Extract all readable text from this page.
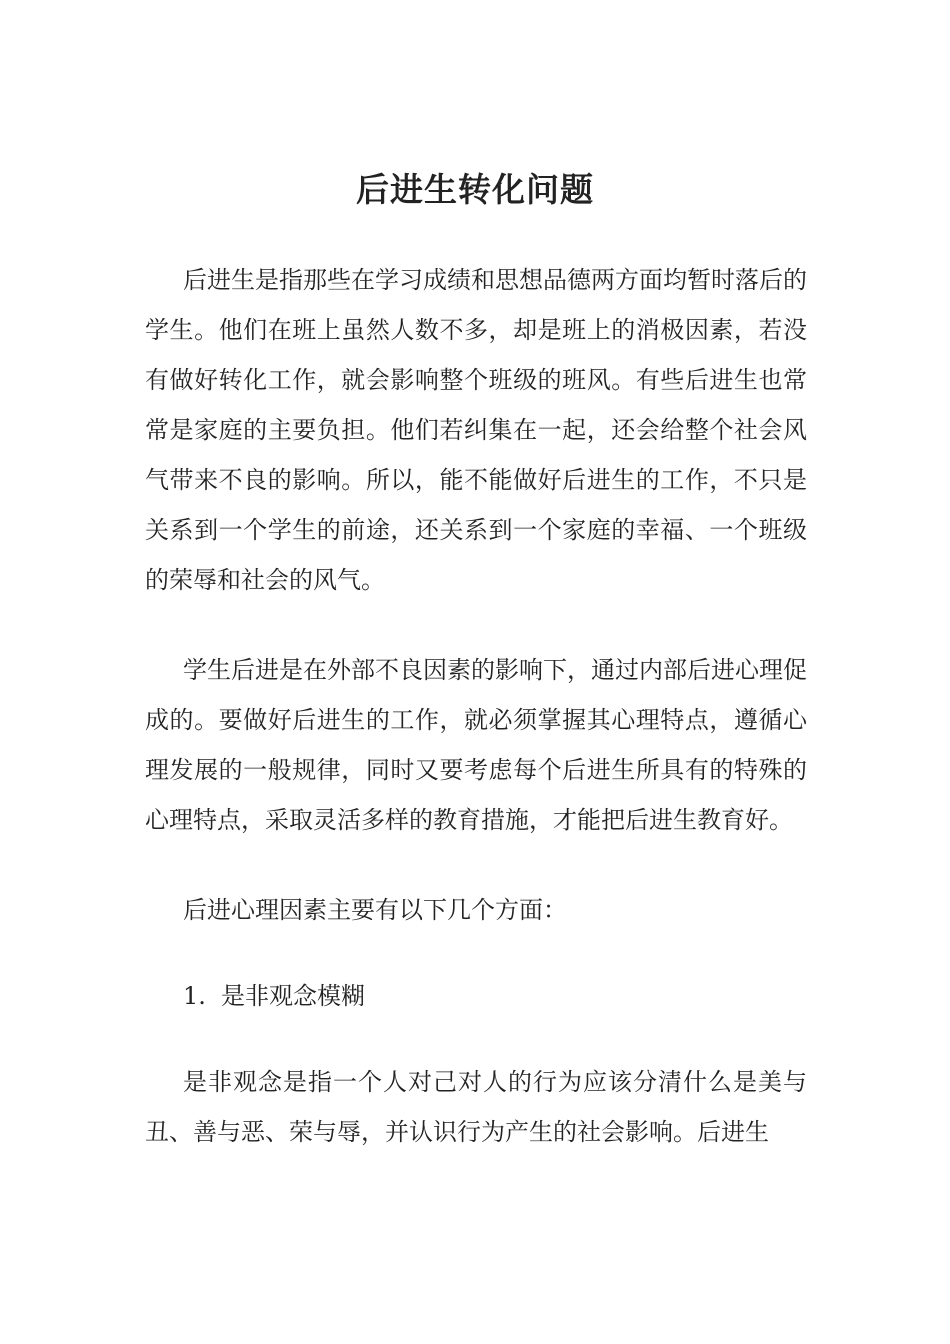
后进生转化问题

后进生是指那些在学习成绩和思想品德两方面均暂时落后的学生。他们在班上虽然人数不多，却是班上的消极因素，若没有做好转化工作，就会影响整个班级的班风。有些后进生也常常是家庭的主要负担。他们若纠集在一起，还会给整个社会风气带来不良的影响。所以，能不能做好后进生的工作，不只是关系到一个学生的前途，还关系到一个家庭的幸福、一个班级的荣辱和社会的风气。

学生后进是在外部不良因素的影响下，通过内部后进心理促成的。要做好后进生的工作，就必须掌握其心理特点，遵循心理发展的一般规律，同时又要考虑每个后进生所具有的特殊的心理特点，采取灵活多样的教育措施，才能把后进生教育好。

后进心理因素主要有以下几个方面：

1. 是非观念模糊

是非观念是指一个人对己对人的行为应该分清什么是美与丑、善与恶、荣与辱，并认识行为产生的社会影响。后进生
